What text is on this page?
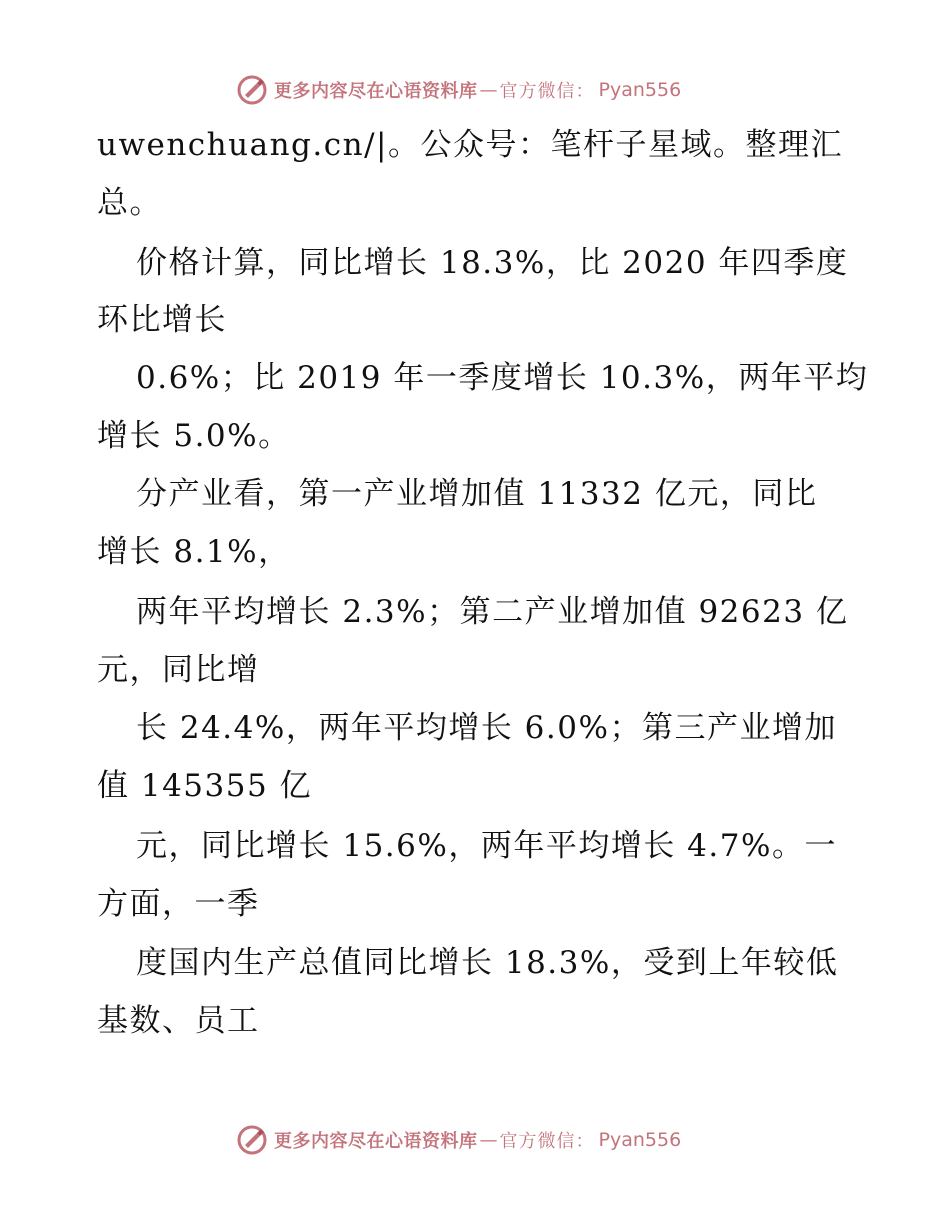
更多内容尽在心语资料库 — 官方微信： Pyan556
uwenchuang.cn/|。公众号：笔杆子星域。整理汇
总。
价格计算，同比增长 18.3%，比 2020 年四季度
环比增长
0.6%；比 2019 年一季度增长 10.3%，两年平均
增长 5.0%。
分产业看，第一产业增加值 11332 亿元，同比
增长 8.1%，
两年平均增长 2.3%；第二产业增加值 92623 亿
元，同比增
长 24.4%，两年平均增长 6.0%；第三产业增加
值 145355 亿
元，同比增长 15.6%，两年平均增长 4.7%。一
方面，一季
度国内生产总值同比增长 18.3%，受到上年较低
基数、员工
更多内容尽在心语资料库 — 官方微信： Pyan556
